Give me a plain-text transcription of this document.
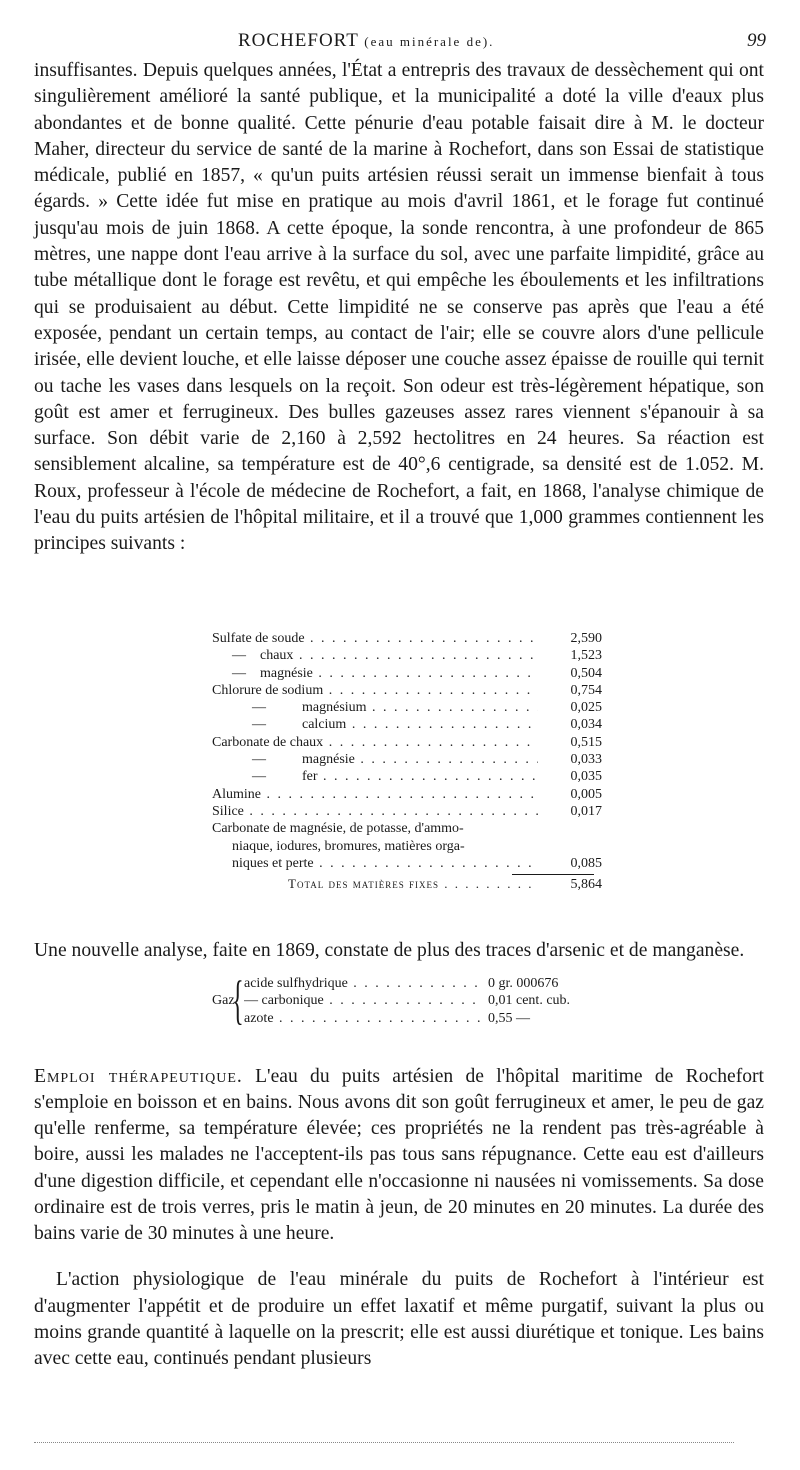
ROCHEFORT (eau minérale de).	99

insuffisantes. Depuis quelques années, l'État a entrepris des travaux de dessèchement qui ont singulièrement amélioré la santé publique, et la municipalité a doté la ville d'eaux plus abondantes et de bonne qualité. Cette pénurie d'eau potable faisait dire à M. le docteur Maher, directeur du service de santé de la marine à Rochefort, dans son Essai de statistique médicale, publié en 1857, « qu'un puits artésien réussi serait un immense bienfait à tous égards. » Cette idée fut mise en pratique au mois d'avril 1861, et le forage fut continué jusqu'au mois de juin 1868. A cette époque, la sonde rencontra, à une profondeur de 865 mètres, une nappe dont l'eau arrive à la surface du sol, avec une parfaite limpidité, grâce au tube métallique dont le forage est revêtu, et qui empêche les éboulements et les infiltrations qui se produisaient au début. Cette limpidité ne se conserve pas après que l'eau a été exposée, pendant un certain temps, au contact de l'air; elle se couvre alors d'une pellicule irisée, elle devient louche, et elle laisse déposer une couche assez épaisse de rouille qui ternit ou tache les vases dans lesquels on la reçoit. Son odeur est très-légèrement hépatique, son goût est amer et ferrugineux. Des bulles gazeuses assez rares viennent s'épanouir à sa surface. Son débit varie de 2,160 à 2,592 hectolitres en 24 heures. Sa réaction est sensiblement alcaline, sa température est de 40°,6 centigrade, sa densité est de 1.052. M. Roux, professeur à l'école de médecine de Rochefort, a fait, en 1868, l'analyse chimique de l'eau du puits artésien de l'hôpital militaire, et il a trouvé que 1,000 grammes contiennent les principes suivants :

Sulfate de soude . . .	2,590
— chaux . . .	1,523
— magnésie . . .	0,504
Chlorure de sodium . . .	0,754
—	magnésium . . .	0,025
—	calcium . . .	0,034
Carbonate de chaux . . .	0,515
—	magnésie . . .	0,033
—	fer . . .	0,035
Alumine . . .	0,005
Silice . . .	0,017
Carbonate de magnésie, de potasse, d'ammo-
niaque, iodures, bromures, matières orga-
niques et perte . . .	0,085
Total des matières fixes . . .	5,864

Une nouvelle analyse, faite en 1869, constate de plus des traces d'arsenic et de manganèse.

Gaz
{ acide sulfhydrique . . .	0 gr. 000676
— carbonique . . .	0,01 cent. cub.
azote . . .	0,55 —

Emploi thérapeutique. L'eau du puits artésien de l'hôpital maritime de Rochefort s'emploie en boisson et en bains. Nous avons dit son goût ferrugineux et amer, le peu de gaz qu'elle renferme, sa température élevée; ces propriétés ne la rendent pas très-agréable à boire, aussi les malades ne l'acceptent-ils pas tous sans répugnance. Cette eau est d'ailleurs d'une digestion difficile, et cependant elle n'occasionne ni nausées ni vomissements. Sa dose ordinaire est de trois verres, pris le matin à jeun, de 20 minutes en 20 minutes. La durée des bains varie de 30 minutes à une heure.

L'action physiologique de l'eau minérale du puits de Rochefort à l'intérieur est d'augmenter l'appétit et de produire un effet laxatif et même purgatif, suivant la plus ou moins grande quantité à laquelle on la prescrit; elle est aussi diurétique et tonique. Les bains avec cette eau, continués pendant plusieurs
